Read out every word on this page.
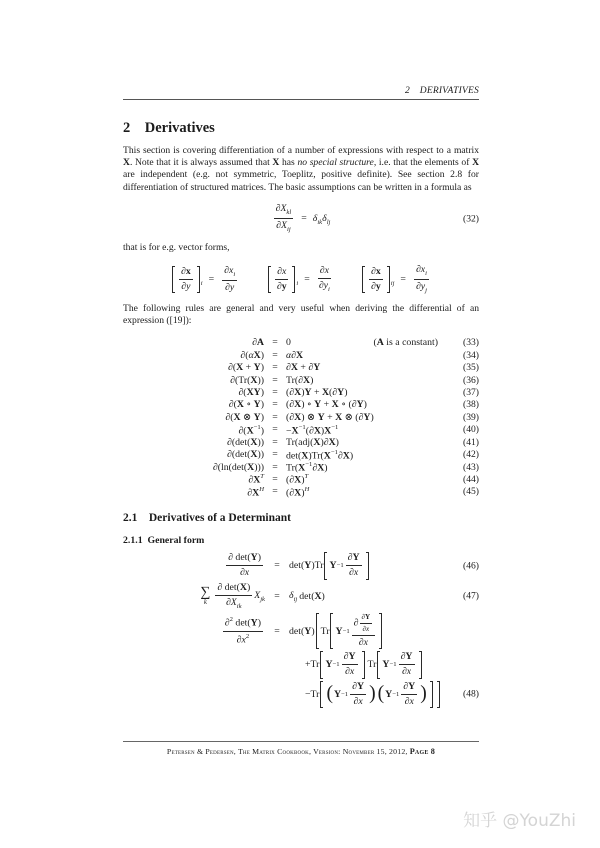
2  DERIVATIVES
2 Derivatives

This section is covering differentiation of a number of expressions with respect to a matrix X. Note that it is always assumed that X has no special structure, i.e. that the elements of X are independent (e.g. not symmetric, Toeplitz, positive definite). See section 2.8 for differentiation of structured matrices. The basic assumptions can be written in a formula as

$\partial X_{kl}$
$\partial X_{ij}$
= $\delta_{ik}\delta_{lj}$	(32)

that is for e.g. vector forms,

∂x
∂y	$_i = \frac{\partial x_i}{\partial y}$	∂x
∂y $_i = \frac{\partial x}{\partial y_i}$	∂x
∂y	$_{ij} = \frac{\partial x_i}{\partial y_j}$

The following rules are general and very useful when deriving the differential of an expression ([19]):

∂A = 0	(A is a constant)	(33)
∂(αX) = α∂X	(34)
∂(X + Y) = ∂X + ∂Y	(35)
∂(Tr(X)) = Tr(∂X)	(36)
∂(XY) = (∂X)Y + X(∂Y)	(37)
∂(X ∘ Y) = (∂X) ∘ Y + X ∘ (∂Y)	(38)
∂(X ⊗ Y) = (∂X) ⊗ Y + X ⊗ (∂Y)	(39)
$\partial(X^{-1}) = -X^{-1}(\partial X)X^{-1}$	(40)
∂(det(X)) = Tr(adj(X)∂X)	(41)
$\partial(\det(X)) = \det(X)Tr(X^{-1}\partial X)$	(42)
$\partial(\ln(\det(X))) = Tr(X^{-1}\partial X)$	(43)
$\partial X^T = (\partial X)^T$	(44)
$\partial X^H = (\partial X)^H$	(45)
2.1 Derivatives of a Determinant
2.1.1 General form
∂ det(Y)
∂x
= det( Y )Tr Y −1
∂Y
∂x
(46)
∑
k
∂ det(X)
$\partial X_{ik}$
$X_{jk} = \delta_{ij}$  det( X )	(47)
∂$^2$ det(Y)
$\partial x^2$	= det( Y ) Tr Y −1
∂ $\frac{\partial Y}{\partial x}$
∂x
+Tr Y −1
∂Y
∂x
 Tr Y −1
∂Y
∂x
−Tr ( Y −1
∂Y
∂x ) ( Y −1
∂Y
∂x )	(48)
Petersen & Pedersen, The Matrix Cookbook, Version: November 15, 2012, Page 8
知乎 @YouZhi
